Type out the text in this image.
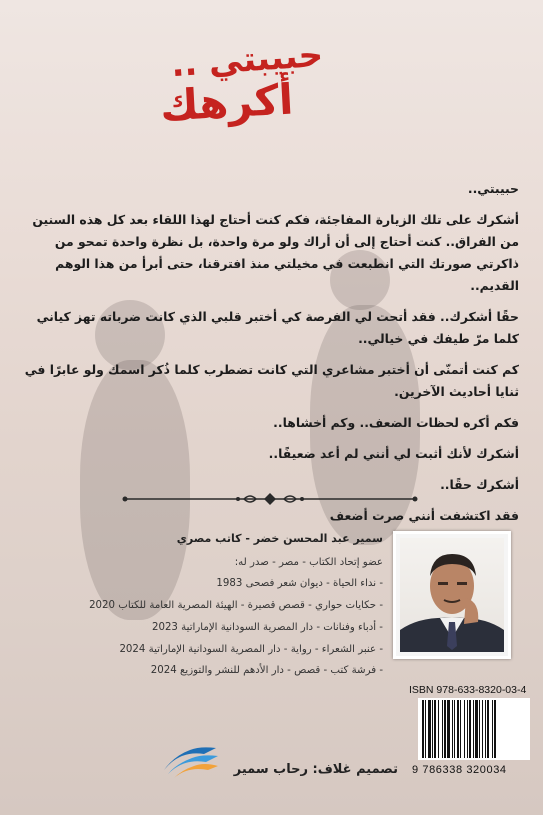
حبيبتي ..
أكرهك

حبيبتي..

أشكرك على تلك الزيارة المفاجئة، فكم كنت أحتاج لهذا اللقاء بعد كل هذه السنين من الفراق.. كنت أحتاج إلى أن أراك ولو مرة واحدة، بل نظرة واحدة تمحو من ذاكرتي صورتك التي انطبعت في مخيلتي منذ افترقنا، حتى أبرأ من هذا الوهم القديم..

حقًا أشكرك.. فقد أتحت لي الفرصة كي أختبر قلبي الذي كانت ضرباته تهز كياني كلما مرّ طيفك في خيالي..

كم كنت أتمنّى أن أختبر مشاعري التي كانت تضطرب كلما ذُكر اسمك ولو عابرًا في ثنايا أحاديث الآخرين.

فكم أكره لحظات الضعف.. وكم أخشاها..

أشكرك لأنك أثبت لي أنني لم أعد ضعيفًا..

أشكرك حقًا..

فقد اكتشفت أنني صرت أضعف

سمير عبد المحسن خضر - كاتب مصري
عضو إتحاد الكتاب - مصر - صدر له:
- نداء الحياة - ديوان شعر فصحى 1983
- حكايات حواري - قصص قصيرة - الهيئة المصرية العامة للكتاب 2020
- أدباء وفنانات - دار المصرية السودانية الإماراتية 2023
- عنبر الشعراء - رواية - دار المصرية السودانية الإماراتية 2024
- فرشة كتب - قصص - دار الأدهم للنشر والتوزيع 2024
ISBN 978-633-8320-03-4
9 786338 320034
تصميم غلاف: رحاب سمير
